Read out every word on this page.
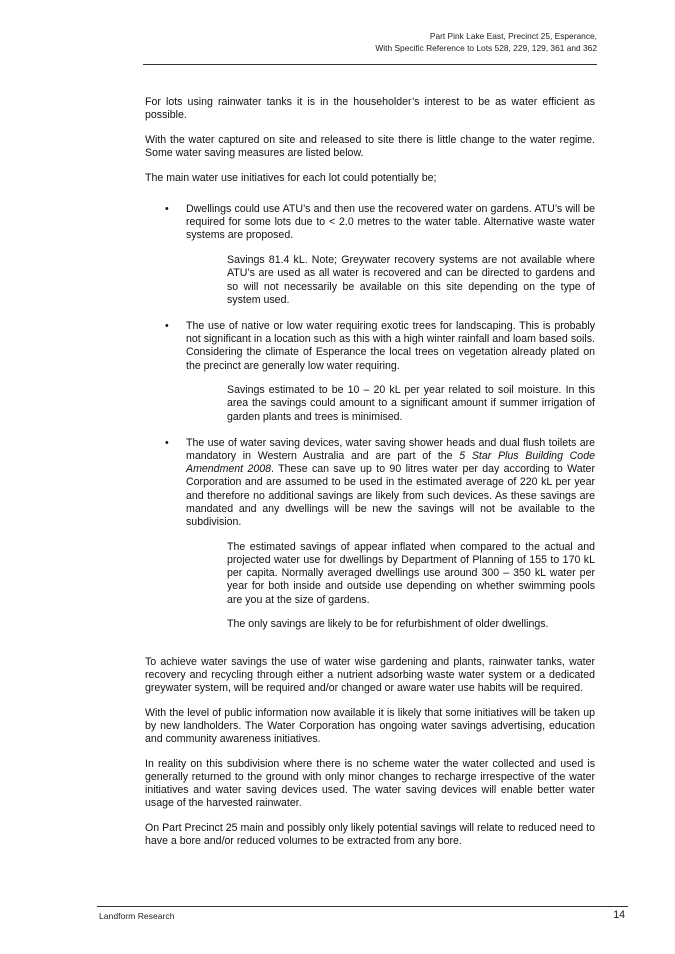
Part Pink Lake East, Precinct 25, Esperance,
With Specific Reference to Lots 528, 229, 129, 361 and 362

For lots using rainwater tanks it is in the householder’s interest to be as water efficient as possible.

With the water captured on site and released to site there is little change to the water regime. Some water saving measures are listed below.

The main water use initiatives for each lot could potentially be;

• Dwellings could use ATU’s and then use the recovered water on gardens. ATU’s will be required for some lots due to < 2.0 metres to the water table. Alternative waste water systems are proposed.

Savings 81.4 kL. Note; Greywater recovery systems are not available where ATU’s are used as all water is recovered and can be directed to gardens and so will not necessarily be available on this site depending on the type of system used.

• The use of native or low water requiring exotic trees for landscaping. This is probably not significant in a location such as this with a high winter rainfall and loam based soils. Considering the climate of Esperance the local trees on vegetation already plated on the precinct are generally low water requiring.

Savings estimated to be 10 – 20 kL per year related to soil moisture. In this area the savings could amount to a significant amount if summer irrigation of garden plants and trees is minimised.

• The use of water saving devices, water saving shower heads and dual flush toilets are mandatory in Western Australia and are part of the 5 Star Plus Building Code Amendment 2008. These can save up to 90 litres water per day according to Water Corporation and are assumed to be used in the estimated average of 220 kL per year and therefore no additional savings are likely from such devices. As these savings are mandated and any dwellings will be new the savings will not be available to the subdivision.

The estimated savings of appear inflated when compared to the actual and projected water use for dwellings by Department of Planning of 155 to 170 kL per capita. Normally averaged dwellings use around 300 – 350 kL water per year for both inside and outside use depending on whether swimming pools are you at the size of gardens.

The only savings are likely to be for refurbishment of older dwellings.

To achieve water savings the use of water wise gardening and plants, rainwater tanks, water recovery and recycling through either a nutrient adsorbing waste water system or a dedicated greywater system, will be required and/or changed or aware water use habits will be required.

With the level of public information now available it is likely that some initiatives will be taken up by new landholders. The Water Corporation has ongoing water savings advertising, education and community awareness initiatives.

In reality on this subdivision where there is no scheme water the water collected and used is generally returned to the ground with only minor changes to recharge irrespective of the water initiatives and water saving devices used. The water saving devices will enable better water usage of the harvested rainwater.

On Part Precinct 25 main and possibly only likely potential savings will relate to reduced need to have a bore and/or reduced volumes to be extracted from any bore.

Landform Research	14
